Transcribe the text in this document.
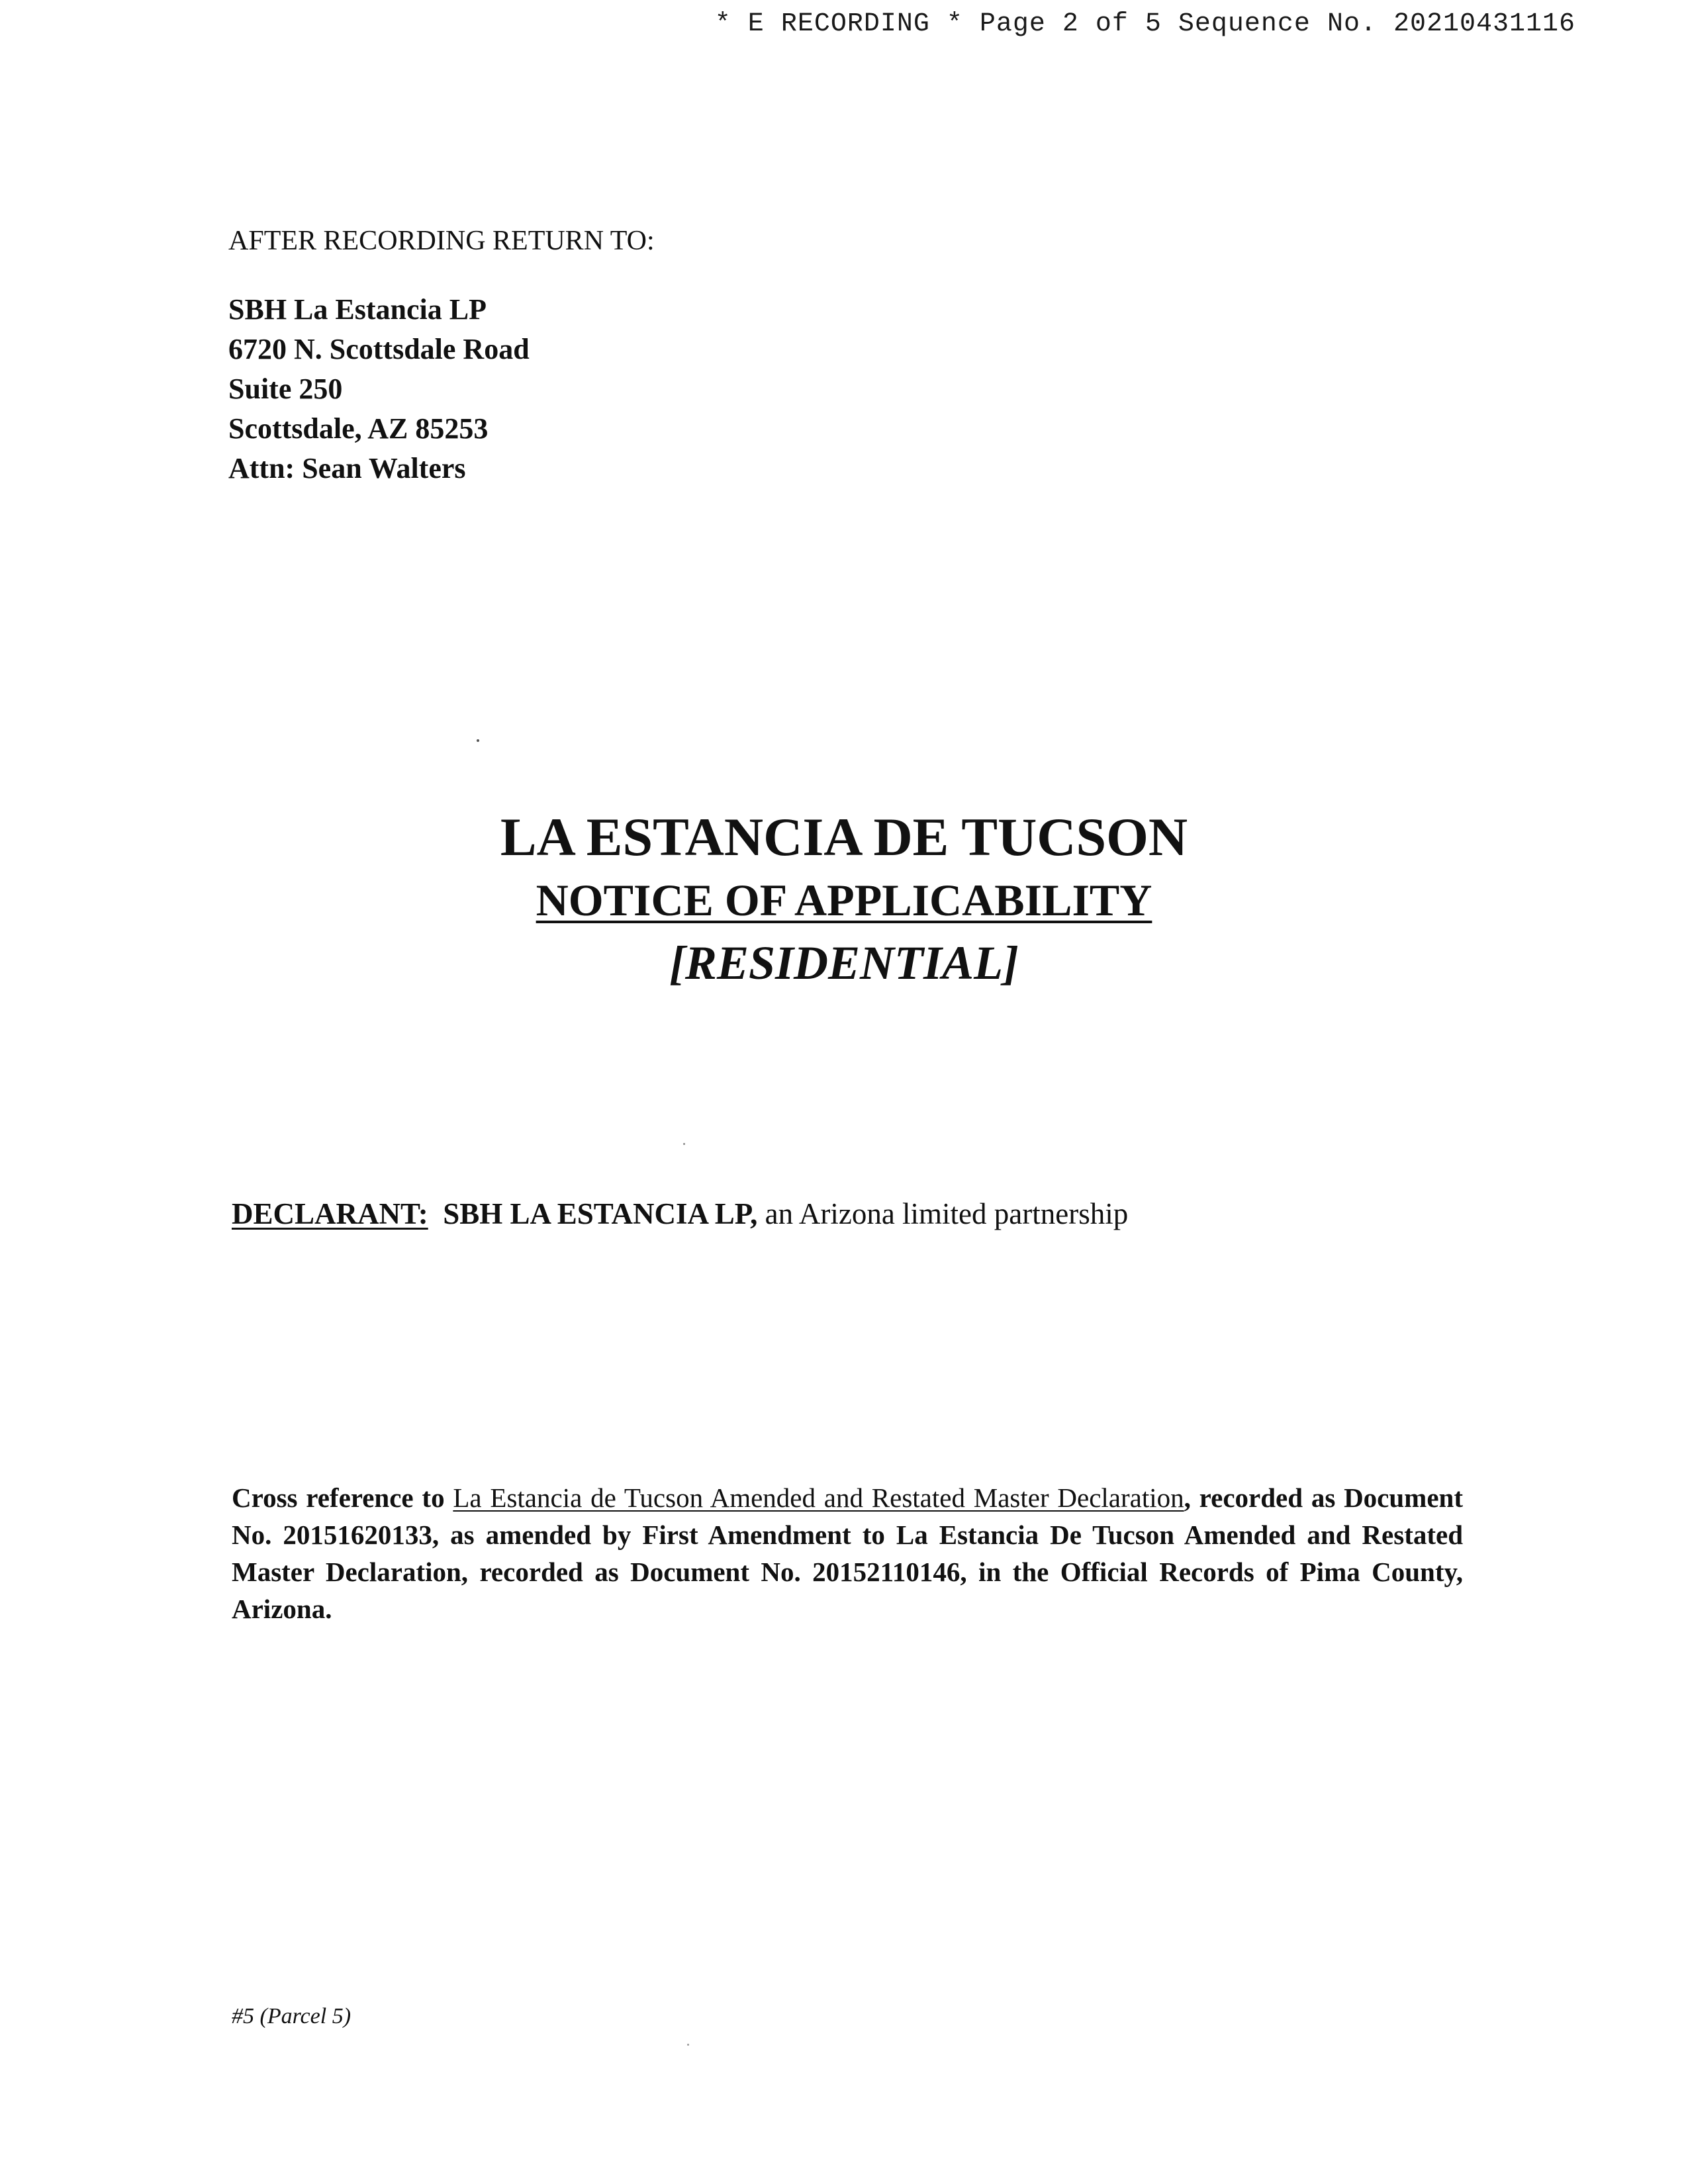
* E RECORDING * Page 2 of 5 Sequence No. 20210431116

AFTER RECORDING RETURN TO:

SBH La Estancia LP

6720 N. Scottsdale Road

Suite 250

Scottsdale, AZ 85253

Attn: Sean Walters

LA ESTANCIA DE TUCSON

NOTICE OF APPLICABILITY

[RESIDENTIAL]

DECLARANT: SBH LA ESTANCIA LP, an Arizona limited partnership
Cross reference to La Estancia de Tucson Amended and Restated Master Declaration, recorded as Document No. 20151620133, as amended by First Amendment to La Estancia De Tucson Amended and Restated Master Declaration, recorded as Document No. 20152110146, in the Official Records of Pima County, Arizona.
#5 (Parcel 5)
